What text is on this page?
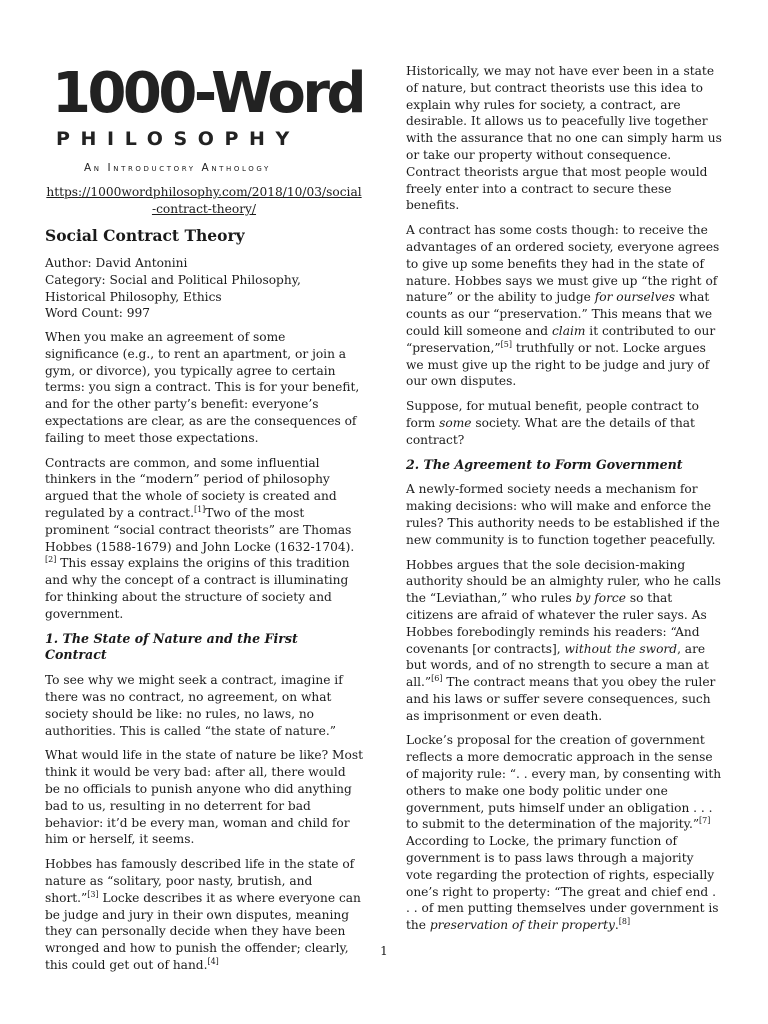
1000-Word
PHILOSOPHY
An Introductory Anthology
https://1000wordphilosophy.com/2018/10/03/social-contract-theory/
Social Contract Theory
Author: David Antonini
Category: Social and Political Philosophy, Historical Philosophy, Ethics
Word Count: 997

When you make an agreement of some significance (e.g., to rent an apartment, or join a gym, or divorce), you typically agree to certain terms: you sign a contract. This is for your benefit, and for the other party’s benefit: everyone’s expectations are clear, as are the consequences of failing to meet those expectations.

Contracts are common, and some influential thinkers in the “modern” period of philosophy argued that the whole of society is created and regulated by a contract.[1]Two of the most prominent “social contract theorists” are Thomas Hobbes (1588-1679) and John Locke (1632-1704).[2] This essay explains the origins of this tradition and why the concept of a contract is illuminating for thinking about the structure of society and government.

1. The State of Nature and the First Contract

To see why we might seek a contract, imagine if there was no contract, no agreement, on what society should be like: no rules, no laws, no authorities. This is called “the state of nature.”

What would life in the state of nature be like? Most think it would be very bad: after all, there would be no officials to punish anyone who did anything bad to us, resulting in no deterrent for bad behavior: it’d be every man, woman and child for him or herself, it seems.

Hobbes has famously described life in the state of nature as “solitary, poor nasty, brutish, and short.”[3] Locke describes it as where everyone can be judge and jury in their own disputes, meaning they can personally decide when they have been wronged and how to punish the offender; clearly, this could get out of hand.[4]

Historically, we may not have ever been in a state of nature, but contract theorists use this idea to explain why rules for society, a contract, are desirable. It allows us to peacefully live together with the assurance that no one can simply harm us or take our property without consequence. Contract theorists argue that most people would freely enter into a contract to secure these benefits.

A contract has some costs though: to receive the advantages of an ordered society, everyone agrees to give up some benefits they had in the state of nature. Hobbes says we must give up “the right of nature” or the ability to judge for ourselves what counts as our “preservation.” This means that we could kill someone and claim it contributed to our “preservation,”[5] truthfully or not. Locke argues we must give up the right to be judge and jury of our own disputes.

Suppose, for mutual benefit, people contract to form some society. What are the details of that contract?

2. The Agreement to Form Government

A newly-formed society needs a mechanism for making decisions: who will make and enforce the rules? This authority needs to be established if the new community is to function together peacefully.

Hobbes argues that the sole decision-making authority should be an almighty ruler, who he calls the “Leviathan,” who rules by force so that citizens are afraid of whatever the ruler says. As Hobbes forebodingly reminds his readers: “And covenants [or contracts], without the sword, are but words, and of no strength to secure a man at all.”[6] The contract means that you obey the ruler and his laws or suffer severe consequences, such as imprisonment or even death.

Locke’s proposal for the creation of government reflects a more democratic approach in the sense of majority rule: “. . every man, by consenting with others to make one body politic under one government, puts himself under an obligation . . . to submit to the determination of the majority.”[7] According to Locke, the primary function of government is to pass laws through a majority vote regarding the protection of rights, especially one’s right to property: “The great and chief end . . . of men putting themselves under government is the preservation of their property.[8]

1
